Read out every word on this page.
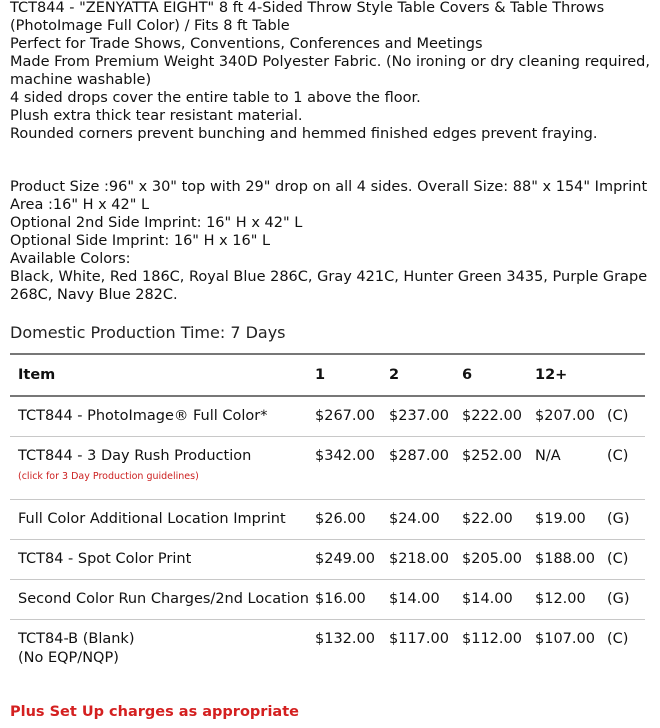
TCT844 - "ZENYATTA EIGHT" 8 ft 4-Sided Throw Style Table Covers & Table Throws
(PhotoImage Full Color) / Fits 8 ft Table
Perfect for Trade Shows, Conventions, Conferences and Meetings
Made From Premium Weight 340D Polyester Fabric. (No ironing or dry cleaning required,
machine washable)
4 sided drops cover the entire table to 1 above the floor.
Plush extra thick tear resistant material.
Rounded corners prevent bunching and hemmed finished edges prevent fraying.
Product Size :96" x 30" top with 29" drop on all 4 sides. Overall Size: 88" x 154" Imprint
Area :16" H x 42" L
Optional 2nd Side Imprint: 16" H x 42" L
Optional Side Imprint: 16" H x 16" L
Available Colors:
Black, White, Red 186C, Royal Blue 286C, Gray 421C, Hunter Green 3435, Purple Grape
268C, Navy Blue 282C.
Domestic Production Time: 7 Days
Item	1	2	6	12+	
TCT844 - PhotoImage® Full Color*	$267.00	$237.00	$222.00	$207.00	(C)

TCT844 - 3 Day Rush Production
(click for 3 Day Production guidelines)	$342.00	$287.00	$252.00	N/A	(C)
Full Color Additional Location Imprint	$26.00	$24.00	$22.00	$19.00	(G)
TCT84 - Spot Color Print	$249.00	$218.00	$205.00	$188.00	(C)
Second Color Run Charges/2nd Location	$16.00	$14.00	$14.00	$12.00	(G)

TCT84-B (Blank)
(No EQP/NQP)	$132.00	$117.00	$112.00	$107.00	(C)
Plus Set Up charges as appropriate
